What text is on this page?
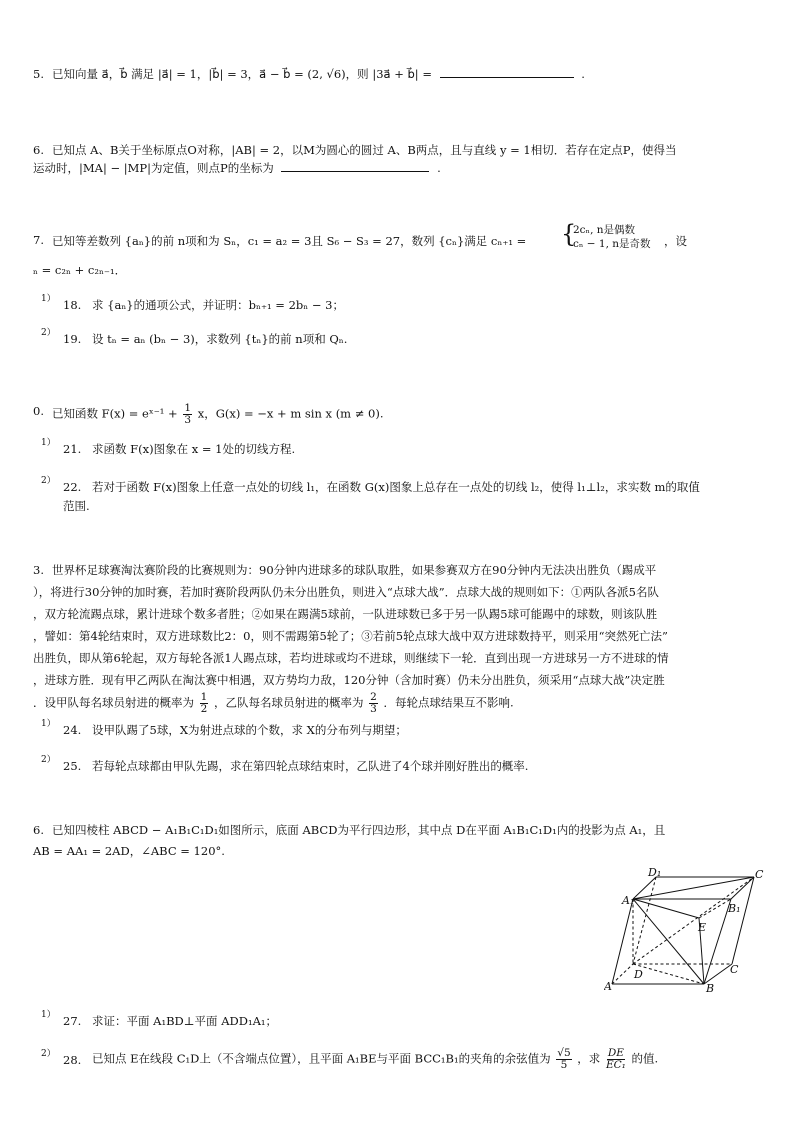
5. 已知向量 a⃗，b⃗ 满足 |a⃗| = 1，|b⃗| = 3，a⃗ − b⃗ = (2, √6)，则 |3a⃗ + b⃗| =	.
6. 已知点 A、B关于坐标原点O对称，|AB| = 2，以M为圆心的圆过 A、B两点，且与直线 y = 1相切．若存在定点P，使得当
运动时，|MA| − |MP|为定值，则点P的坐标为	.
7. 已知等差数列 {aₙ}的前 n项和为 Sₙ，c₁ = a₂ = 3且 S₆ − S₃ = 27，数列 {cₙ}满足 cₙ₊₁ = {
2cₙ, n是偶数
cₙ − 1, n是奇数 ，设
ₙ = c₂ₙ + c₂ₙ₋₁．
1） 18. 求 {aₙ}的通项公式，并证明：bₙ₊₁ = 2bₙ − 3；
2） 19. 设 tₙ = aₙ (bₙ − 3)，求数列 {tₙ}的前 n项和 Qₙ.
0. 已知函数 F(x) = eˣ⁻¹ + $\frac{1}{3}$ x，G(x) = −x + m sin x (m ≠ 0).
1） 21. 求函数 F(x)图象在 x = 1处的切线方程.
2） 22. 若对于函数 F(x)图象上任意一点处的切线 l₁，在函数 G(x)图象上总存在一点处的切线 l₂，使得 l₁⊥l₂，求实数 m的取值
范围.
3. 世界杯足球赛淘汰赛阶段的比赛规则为：90分钟内进球多的球队取胜，如果参赛双方在90分钟内无法决出胜负（踢成平
），将进行30分钟的加时赛，若加时赛阶段两队仍未分出胜负，则进入“点球大战”．点球大战的规则如下：①两队各派5名队
，双方轮流踢点球，累计进球个数多者胜；②如果在踢满5球前，一队进球数已多于另一队踢5球可能踢中的球数，则该队胜
，譬如：第4轮结束时，双方进球数比2：0，则不需踢第5轮了；③若前5轮点球大战中双方进球数持平，则采用“突然死亡法”
出胜负，即从第6轮起，双方每轮各派1人踢点球，若均进球或均不进球，则继续下一轮．直到出现一方进球另一方不进球的情
，进球方胜．现有甲乙两队在淘汰赛中相遇，双方势均力敌，120分钟（含加时赛）仍未分出胜负，须采用“点球大战”决定胜
．设甲队每名球员射进的概率为 $\frac{1}{2}$ ，乙队每名球员射进的概率为 $\frac{2}{3}$ ．每轮点球结果互不影响.
1） 24. 设甲队踢了5球，X为射进点球的个数，求 X的分布列与期望；
2） 25. 若每轮点球都由甲队先踢，求在第四轮点球结束时，乙队进了4个球并刚好胜出的概率.
6. 已知四棱柱 ABCD − A₁B₁C₁D₁如图所示，底面 ABCD为平行四边形，其中点 D在平面 A₁B₁C₁D₁内的投影为点 A₁，且
AB = AA₁ = 2AD，∠ABC = 120°.
D₁	C
A₁
B₁
E
D	C
A	B
1） 27. 求证：平面 A₁BD⊥平面 ADD₁A₁；
2） 28. 已知点 E在线段 C₁D上（不含端点位置），且平面 A₁BE与平面 BCC₁B₁的夹角的余弦值为 $\frac{√5}{5}$ ，求 $\frac{DE}{\text{EC₁}}$ 的值.
